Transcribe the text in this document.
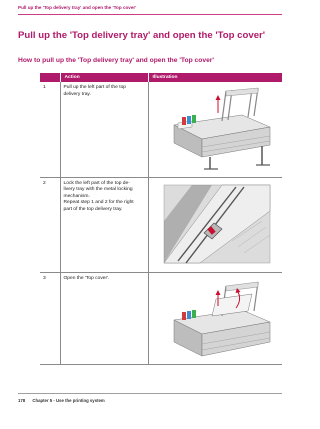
Pull up the 'Top delivery tray' and open the 'Top cover'
Pull up the 'Top delivery tray' and open the 'Top cover'
How to pull up the 'Top delivery tray' and open the 'Top cover'
	Action	Illustration
1	Pull up the left part of the top
delivery tray.

2	Lock the left part of the top de-
livery tray with the metal locking
mechanism.
Repeat step 1 and 2 for the right
part of the top delivery tray.

3	Open the 'Top cover'.

178 Chapter 5 - Use the printing system
